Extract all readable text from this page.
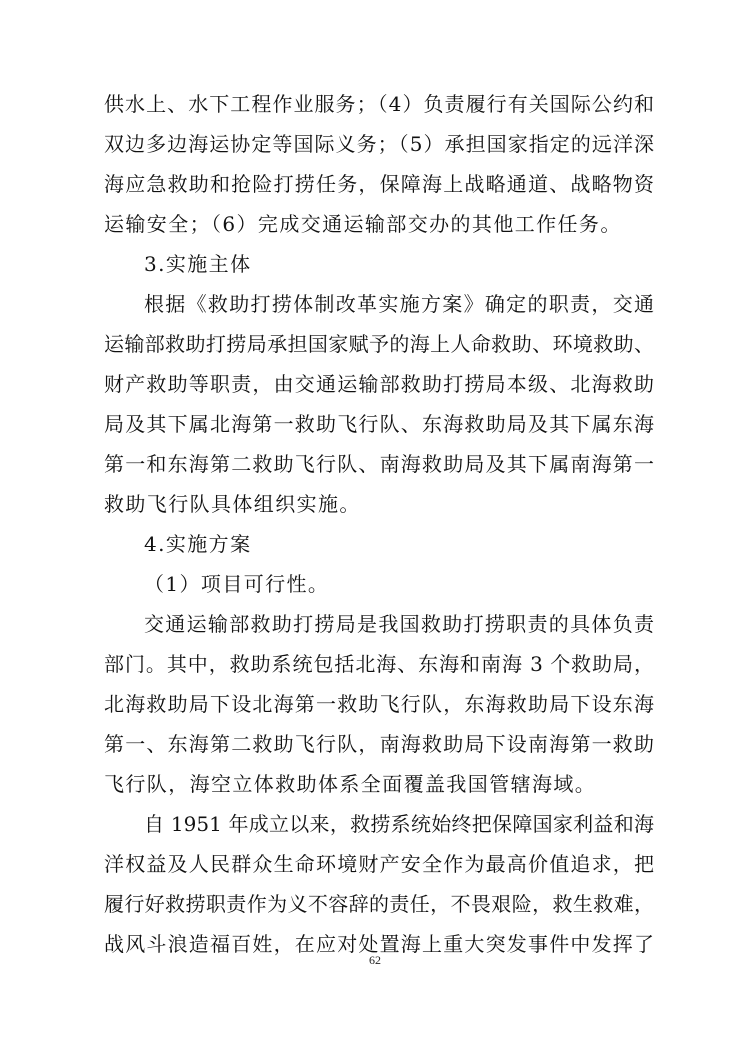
供水上、水下工程作业服务；（4）负责履行有关国际公约和
双边多边海运协定等国际义务；（5）承担国家指定的远洋深
海应急救助和抢险打捞任务，保障海上战略通道、战略物资
运输安全；（6）完成交通运输部交办的其他工作任务。
3.实施主体
根据《救助打捞体制改革实施方案》确定的职责，交通
运输部救助打捞局承担国家赋予的海上人命救助、环境救助、
财产救助等职责，由交通运输部救助打捞局本级、北海救助
局及其下属北海第一救助飞行队、东海救助局及其下属东海
第一和东海第二救助飞行队、南海救助局及其下属南海第一
救助飞行队具体组织实施。
4.实施方案
（1）项目可行性。
交通运输部救助打捞局是我国救助打捞职责的具体负责
部门。其中，救助系统包括北海、东海和南海 3 个救助局，
北海救助局下设北海第一救助飞行队，东海救助局下设东海
第一、东海第二救助飞行队，南海救助局下设南海第一救助
飞行队，海空立体救助体系全面覆盖我国管辖海域。
自 1951 年成立以来，救捞系统始终把保障国家利益和海
洋权益及人民群众生命环境财产安全作为最高价值追求，把
履行好救捞职责作为义不容辞的责任，不畏艰险，救生救难，
战风斗浪造福百姓，在应对处置海上重大突发事件中发挥了
62
